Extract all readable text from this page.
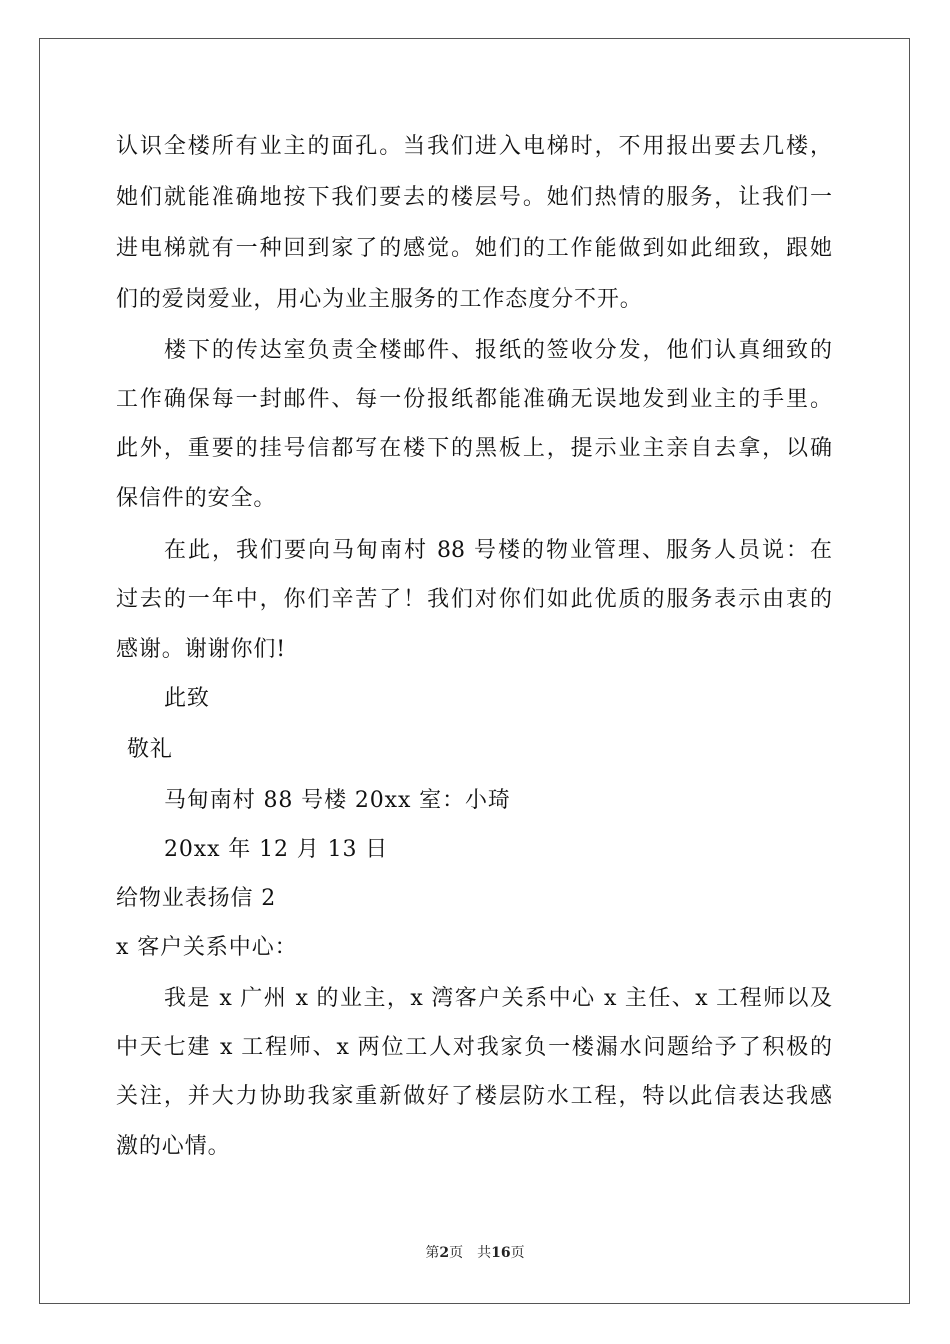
认识全楼所有业主的面孔。当我们进入电梯时，不用报出要去几楼，
她们就能准确地按下我们要去的楼层号。她们热情的服务，让我们一
进电梯就有一种回到家了的感觉。她们的工作能做到如此细致，跟她
们的爱岗爱业，用心为业主服务的工作态度分不开。
楼下的传达室负责全楼邮件、报纸的签收分发，他们认真细致的
工作确保每一封邮件、每一份报纸都能准确无误地发到业主的手里。
此外，重要的挂号信都写在楼下的黑板上，提示业主亲自去拿，以确
保信件的安全。
在此，我们要向马甸南村 88 号楼的物业管理、服务人员说：在
过去的一年中，你们辛苦了！我们对你们如此优质的服务表示由衷的
感谢。谢谢你们!
此致
敬礼
马甸南村 88 号楼 20xx 室：小琦
20xx 年 12 月 13 日
给物业表扬信 2
x 客户关系中心：
我是 x 广州 x 的业主，x 湾客户关系中心 x 主任、x 工程师以及
中天七建 x 工程师、x 两位工人对我家负一楼漏水问题给予了积极的
关注，并大力协助我家重新做好了楼层防水工程，特以此信表达我感
激的心情。
第2页 共16页
